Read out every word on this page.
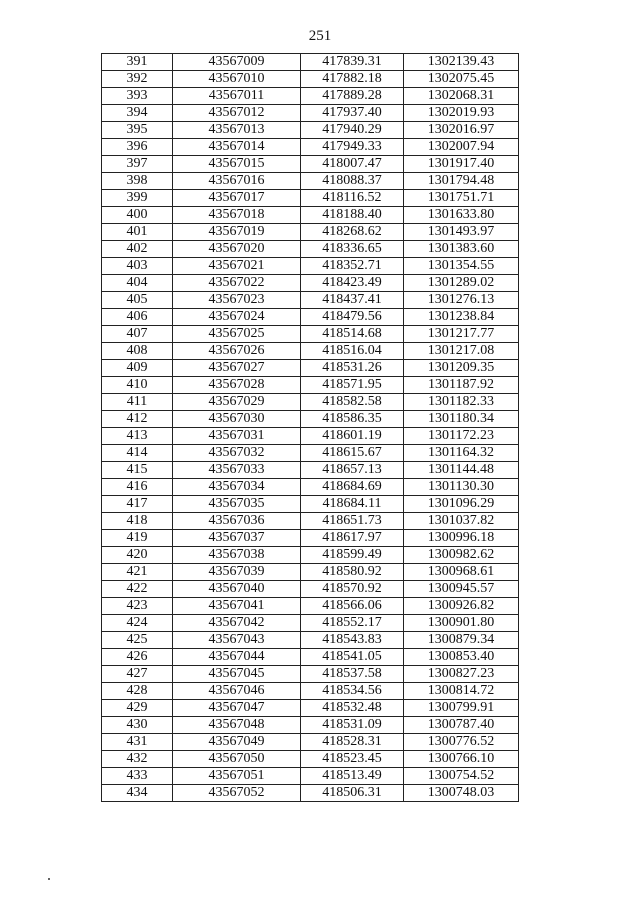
251
391	43567009	417839.31	1302139.43
392	43567010	417882.18	1302075.45
393	43567011	417889.28	1302068.31
394	43567012	417937.40	1302019.93
395	43567013	417940.29	1302016.97
396	43567014	417949.33	1302007.94
397	43567015	418007.47	1301917.40
398	43567016	418088.37	1301794.48
399	43567017	418116.52	1301751.71
400	43567018	418188.40	1301633.80
401	43567019	418268.62	1301493.97
402	43567020	418336.65	1301383.60
403	43567021	418352.71	1301354.55
404	43567022	418423.49	1301289.02
405	43567023	418437.41	1301276.13
406	43567024	418479.56	1301238.84
407	43567025	418514.68	1301217.77
408	43567026	418516.04	1301217.08
409	43567027	418531.26	1301209.35
410	43567028	418571.95	1301187.92
411	43567029	418582.58	1301182.33
412	43567030	418586.35	1301180.34
413	43567031	418601.19	1301172.23
414	43567032	418615.67	1301164.32
415	43567033	418657.13	1301144.48
416	43567034	418684.69	1301130.30
417	43567035	418684.11	1301096.29
418	43567036	418651.73	1301037.82
419	43567037	418617.97	1300996.18
420	43567038	418599.49	1300982.62
421	43567039	418580.92	1300968.61
422	43567040	418570.92	1300945.57
423	43567041	418566.06	1300926.82
424	43567042	418552.17	1300901.80
425	43567043	418543.83	1300879.34
426	43567044	418541.05	1300853.40
427	43567045	418537.58	1300827.23
428	43567046	418534.56	1300814.72
429	43567047	418532.48	1300799.91
430	43567048	418531.09	1300787.40
431	43567049	418528.31	1300776.52
432	43567050	418523.45	1300766.10
433	43567051	418513.49	1300754.52
434	43567052	418506.31	1300748.03
